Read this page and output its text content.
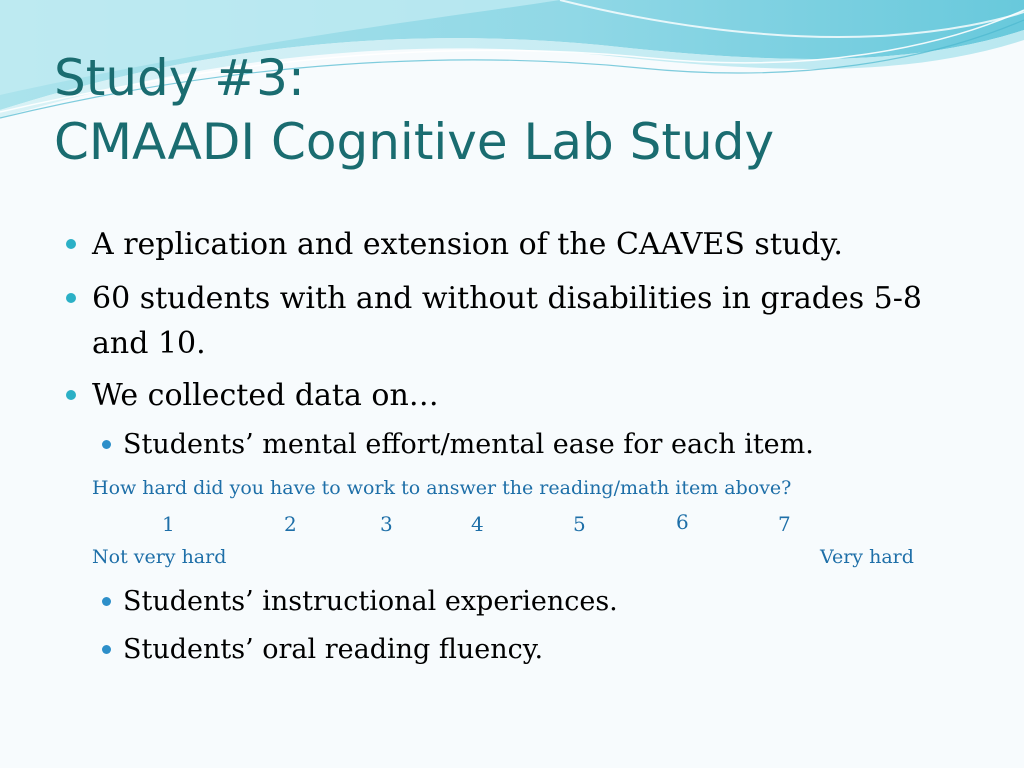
Study #3:
CMAADI Cognitive Lab Study
A replication and extension of the CAAVES study.
60 students with and without disabilities in grades 5-8
and 10.
We collected data on…
Students’ mental effort/mental ease for each item.
How hard did you have to work to answer the reading/math item above?
1	2	3	4	5	6	7
Not very hard	Very hard
Students’ instructional experiences.
Students’ oral reading fluency.
